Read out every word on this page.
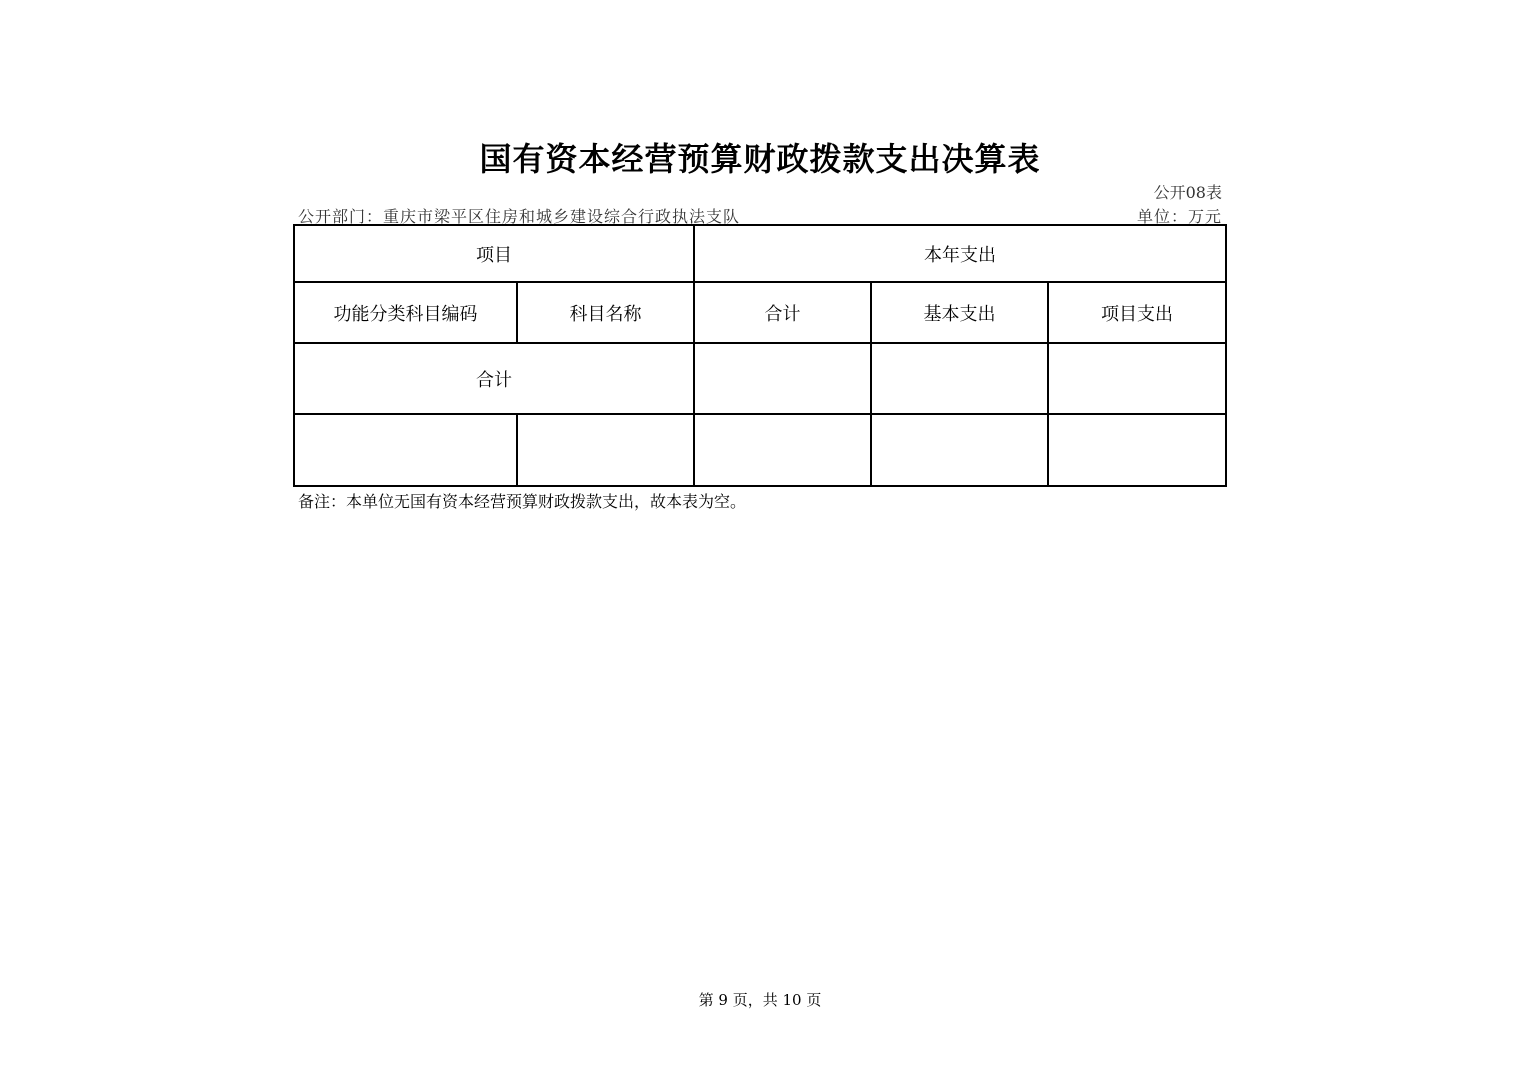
国有资本经营预算财政拨款支出决算表
公开08表
公开部门：重庆市梁平区住房和城乡建设综合行政执法支队	单位：万元
项目		本年支出		
功能分类科目编码	科目名称	合计	基本支出	项目支出
合计				

备注：本单位无国有资本经营预算财政拨款支出，故本表为空。
第 9 页，共 10 页
